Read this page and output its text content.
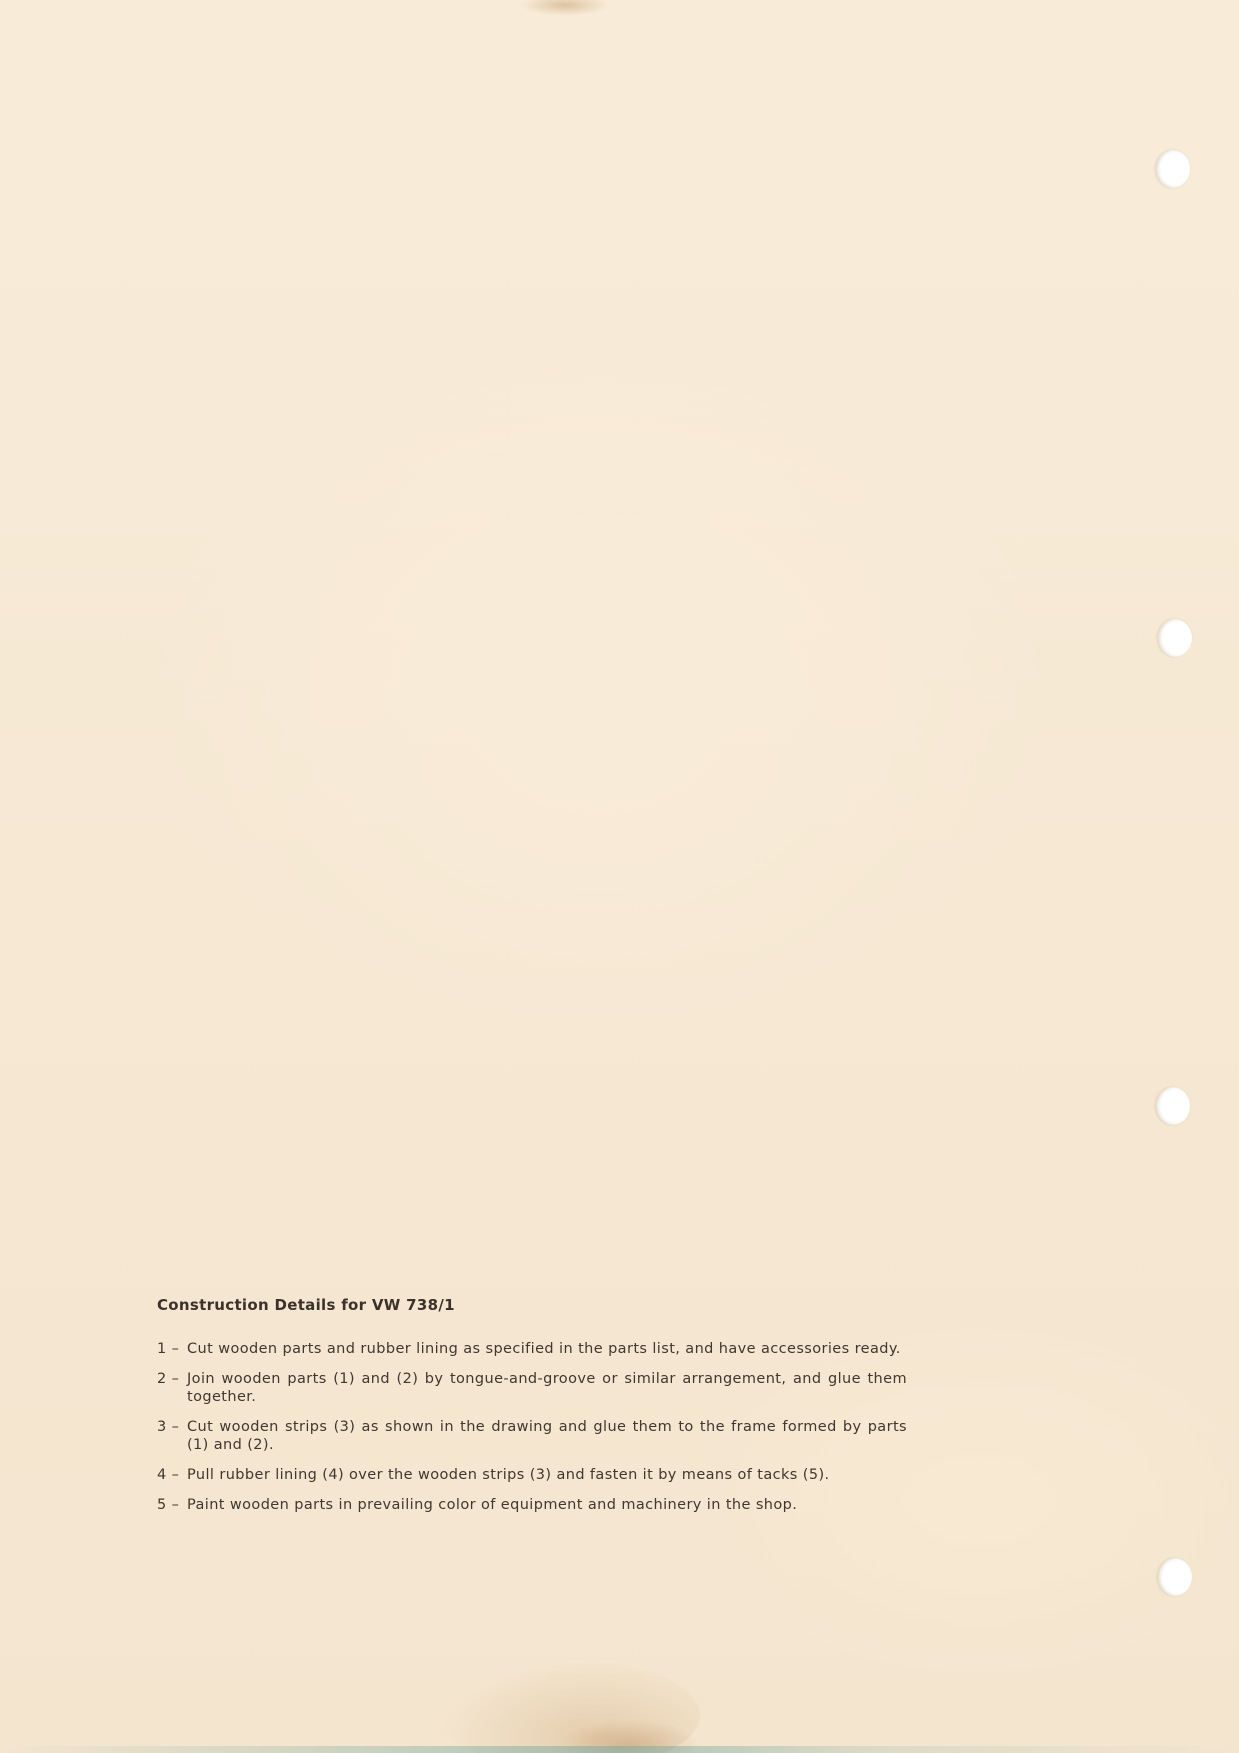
Construction Details for VW 738/1
1 – Cut wooden parts and rubber lining as specified in the parts list, and have accessories ready.
2 – Join wooden parts (1) and (2) by tongue-and-groove or similar arrangement, and glue them together.
3 – Cut wooden strips (3) as shown in the drawing and glue them to the frame formed by parts (1) and (2).
4 – Pull rubber lining (4) over the wooden strips (3) and fasten it by means of tacks (5).
5 – Paint wooden parts in prevailing color of equipment and machinery in the shop.
